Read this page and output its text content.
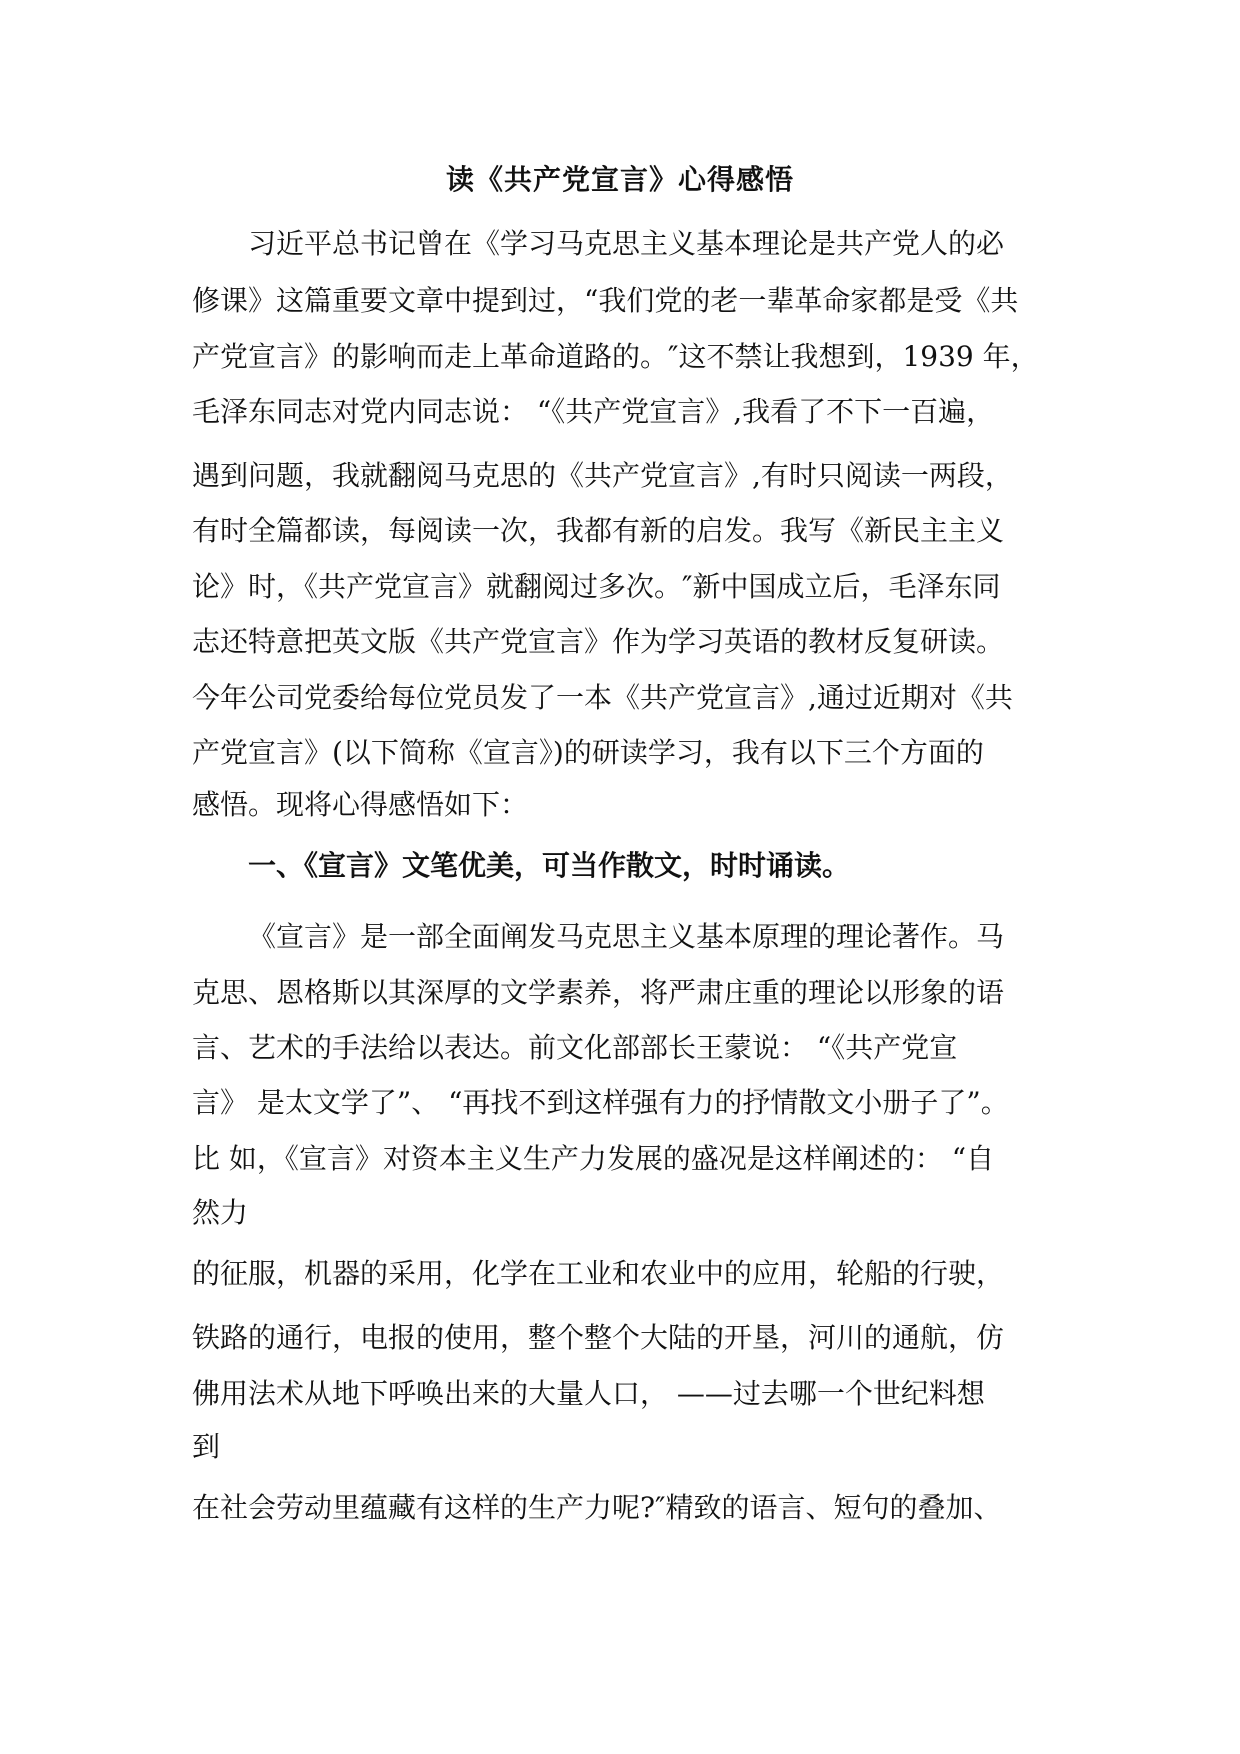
读《共产党宣言》心得感悟
习近平总书记曾在《学习马克思主义基本理论是共产党人的必
修课》这篇重要文章中提到过，“我们党的老一辈革命家都是受《共
产党宣言》的影响而走上革命道路的。″这不禁让我想到，1939 年，
毛泽东同志对党内同志说： “《共产党宣言》,我看了不下一百遍，
遇到问题，我就翻阅马克思的《共产党宣言》,有时只阅读一两段，
有时全篇都读，每阅读一次，我都有新的启发。我写《新民主主义
论》时，《共产党宣言》就翻阅过多次。″新中国成立后，毛泽东同
志还特意把英文版《共产党宣言》作为学习英语的教材反复研读。
今年公司党委给每位党员发了一本《共产党宣言》,通过近期对《共
产党宣言》(以下简称《宣言》)的研读学习，我有以下三个方面的
感悟。现将心得感悟如下：
一、《宣言》文笔优美，可当作散文，时时诵读。
《宣言》是一部全面阐发马克思主义基本原理的理论著作。马
克思、恩格斯以其深厚的文学素养，将严肃庄重的理论以形象的语
言、艺术的手法给以表达。前文化部部长王蒙说： “《共产党宣
言》 是太文学了”、 “再找不到这样强有力的抒情散文小册子了”。
比 如，《宣言》对资本主义生产力发展的盛况是这样阐述的： “自
然力
的征服，机器的采用，化学在工业和农业中的应用，轮船的行驶，
铁路的通行，电报的使用，整个整个大陆的开垦，河川的通航，仿
佛用法术从地下呼唤出来的大量人口， ——过去哪一个世纪料想
到
在社会劳动里蕴藏有这样的生产力呢?″精致的语言、短句的叠加、
